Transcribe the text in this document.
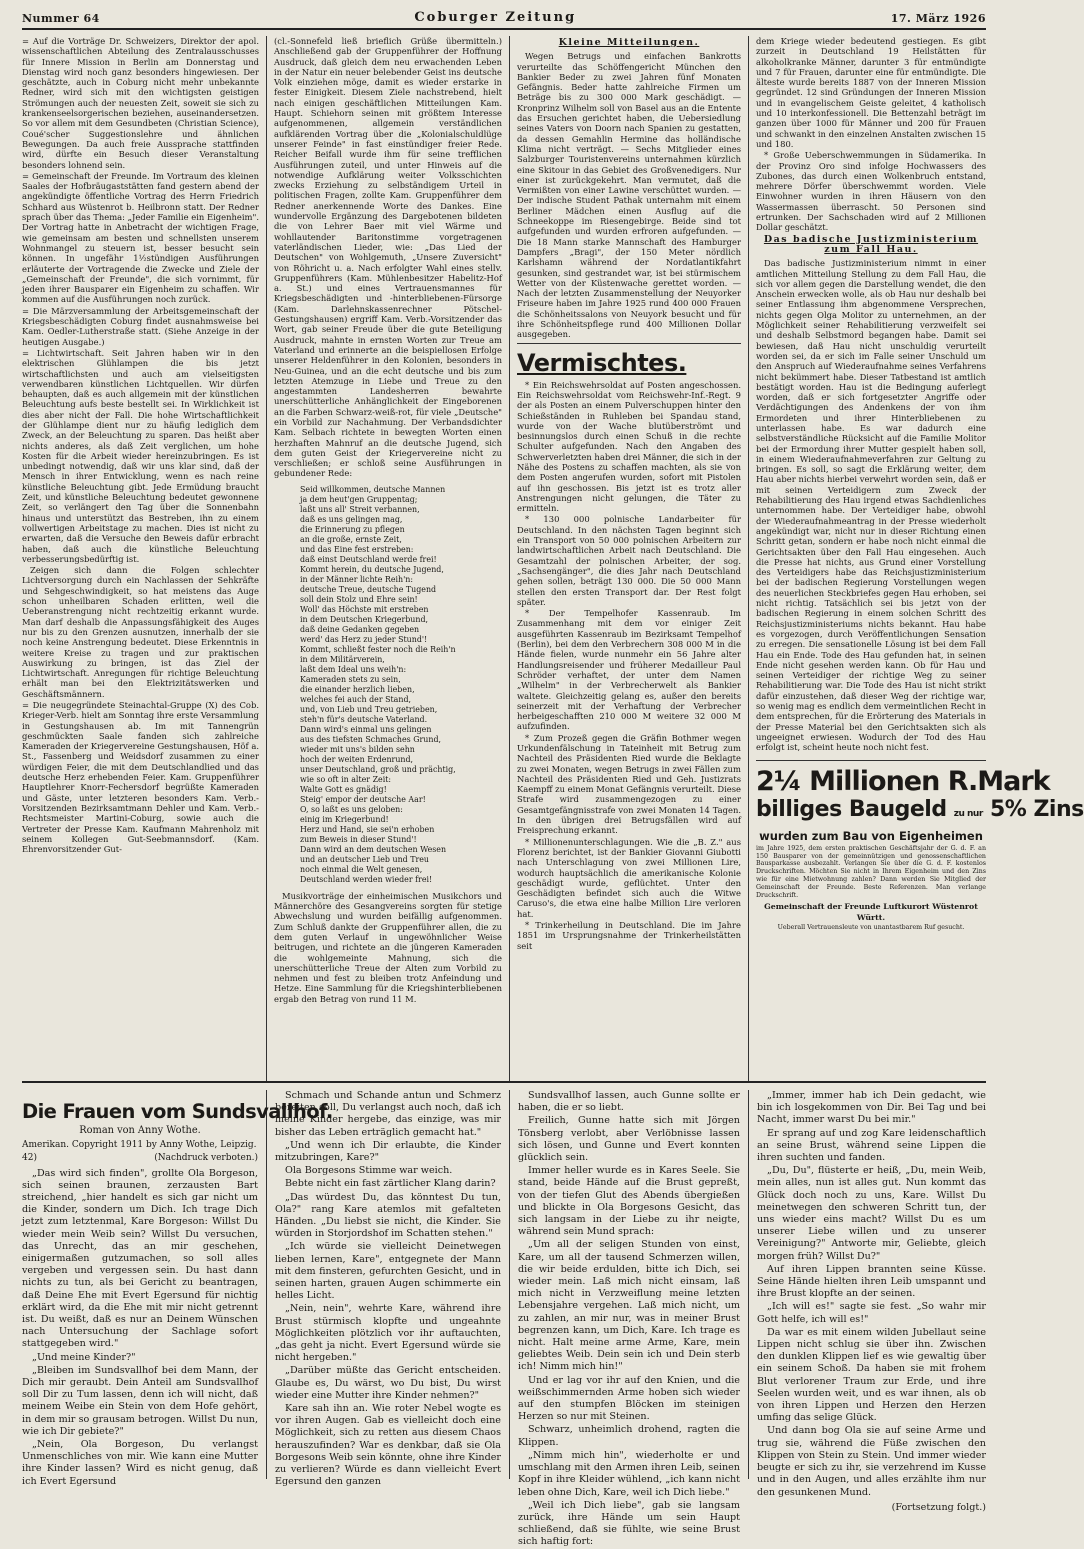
Nummer 64	Coburger Zeitung	17. März 1926

= Auf die Vorträge Dr. Schweizers, Direktor der apol. wissenschaftlichen Abteilung des Zentralausschusses für Innere Mission in Berlin am Donnerstag und Dienstag wird noch ganz besonders hingewiesen. Der geschätzte, auch in Coburg nicht mehr unbekannte Redner, wird sich mit den wichtigsten geistigen Strömungen auch der neuesten Zeit, soweit sie sich zu krankenseelsorgerischen beziehen, auseinandersetzen. So vor allem mit dem Gesundbeten (Christian Science), Coué'scher Suggestionslehre und ähnlichen Bewegungen. Da auch freie Aussprache stattfinden wird, dürfte ein Besuch dieser Veranstaltung besonders lohnend sein.

= Gemeinschaft der Freunde. Im Vortraum des kleinen Saales der Hofbräugaststätten fand gestern abend der angekündigte öffentliche Vortrag des Herrn Friedrich Schhard aus Wüstenrot b. Heilbronn statt. Der Redner sprach über das Thema: „Jeder Familie ein Eigenheim". Der Vortrag hatte in Anbetracht der wichtigen Frage, wie gemeinsam am besten und schnellsten unserem Wohnmangel zu steuern ist, besser besucht sein können. In ungefähr 1½stündigen Ausführungen erläuterte der Vortragende die Zwecke und Ziele der „Gemeinschaft der Freunde", die sich vornimmt, für jeden ihrer Bausparer ein Eigenheim zu schaffen. Wir kommen auf die Ausführungen noch zurück.

= Die Märzversammlung der Arbeitsgemeinschaft der Kriegsbeschädigten Coburg findet ausnahmsweise bei Kam. Oedler-Lutherstraße statt. (Siehe Anzeige in der heutigen Ausgabe.)

= Lichtwirtschaft. Seit Jahren haben wir in den elektrischen Glühlampen die bis jetzt wirtschaftlichsten und auch am vielseitigsten verwendbaren künstlichen Lichtquellen. Wir dürfen behaupten, daß es auch allgemein mit der künstlichen Beleuchtung aufs beste bestellt sei. In Wirklichkeit ist dies aber nicht der Fall. Die hohe Wirtschaftlichkeit der Glühlampe dient nur zu häufig lediglich dem Zweck, an der Beleuchtung zu sparen. Das heißt aber nichts anderes, als daß Zeit verglichen, um hohe Kosten für die Arbeit wieder hereinzubringen. Es ist unbedingt notwendig, daß wir uns klar sind, daß der Mensch in ihrer Entwicklung, wenn es nach reine künstliche Beleuchtung gibt. Jede Ermüdung braucht Zeit, und künstliche Beleuchtung bedeutet gewonnene Zeit, so verlängert den Tag über die Sonnenbahn hinaus und unterstützt das Bestreben, ihn zu einem vollwertigen Arbeitstage zu machen. Dies ist nicht zu erwarten, daß die Versuche den Beweis dafür erbracht haben, daß auch die künstliche Beleuchtung verbesserungsbedürftig ist.

Zeigen sich dann die Folgen schlechter Lichtversorgung durch ein Nachlassen der Sehkräfte und Sehgeschwindigkeit, so hat meistens das Auge schon unheilbaren Schaden erlitten, weil die Ueberanstrengung nicht rechtzeitig erkannt wurde. Man darf deshalb die Anpassungsfähigkeit des Auges nur bis zu den Grenzen ausnutzen, innerhalb der sie noch keine Anstrengung bedeutet. Diese Erkenntnis in weitere Kreise zu tragen und zur praktischen Auswirkung zu bringen, ist das Ziel der Lichtwirtschaft. Anregungen für richtige Beleuchtung erhält man bei den Elektrizitätswerken und Geschäftsmännern.

= Die neugegründete Steinachtal-Gruppe (X) des Cob. Krieger-Verb. hielt am Sonntag ihre erste Versammlung in Gestungshausen ab. Im mit Tannengrün geschmückten Saale fanden sich zahlreiche Kameraden der Kriegervereine Gestungshausen, Höf a. St., Fassenberg und Weidsdorf zusammen zu einer würdigen Feier, die mit dem Deutschlandlied und das deutsche Herz erhebenden Feier. Kam. Gruppenführer Hauptlehrer Knorr-Fechersdorf begrüßte Kameraden und Gäste, unter letzteren besonders Kam. Verb.-Vorsitzenden Bezirksamtmann Dehler und Kam. Verb.-Rechtsmeister Martini-Coburg, sowie auch die Vertreter der Presse Kam. Kaufmann Mahrenholz mit seinem Kollegen Gut-Seebmannsdorf. (Kam. Ehrenvorsitzender Gut-

(cl.-Sonnefeld ließ brieflich Grüße übermitteln.) Anschließend gab der Gruppenführer der Hoffnung Ausdruck, daß gleich dem neu erwachenden Leben in der Natur ein neuer belebender Geist ins deutsche Volk einziehen möge, damit es wieder erstarke in fester Einigkeit. Diesem Ziele nachstrebend, hielt nach einigen geschäftlichen Mitteilungen Kam. Haupt. Schiehorn seinen mit größtem Interesse aufgenommenen, allgemein verständlichen aufklärenden Vortrag über die „Kolonialschuldlüge unserer Feinde" in fast einstündiger freier Rede. Reicher Beifall wurde ihm für seine trefflichen Ausführungen zuteil, und unter Hinweis auf die notwendige Aufklärung weiter Volksschichten zwecks Erziehung zu selbständigem Urteil in politischen Fragen, zollte Kam. Gruppenführer dem Redner anerkennende Worte des Dankes. Eine wundervolle Ergänzung des Dargebotenen bildeten die von Lehrer Baer mit viel Wärme und wohllautender Baritonstimme vorgetragenen vaterländischen Lieder, wie: „Das Lied der Deutschen" von Wohlgemuth, „Unsere Zuversicht" von Röhricht u. a. Nach erfolgter Wahl eines stellv. Gruppenführers (Kam. Mühlenbesitzer Habelitz-Hof a. St.) und eines Vertrauensmannes für Kriegsbeschädigten und -hinterbliebenen-Fürsorge (Kam. Darlehnskassenrechner Pötschel-Gestungshausen) ergriff Kam. Verb.-Vorsitzender das Wort, gab seiner Freude über die gute Beteiligung Ausdruck, mahnte in ernsten Worten zur Treue am Vaterland und erinnerte an die beispiellosen Erfolge unserer Heldenführer in den Kolonien, besonders in Neu-Guinea, und an die echt deutsche und bis zum letzten Atemzuge in Liebe und Treue zu den angestammten Landesherren bewahrte unerschütterliche Anhänglichkeit der Eingeborenen an die Farben Schwarz-weiß-rot, für viele „Deutsche" ein Vorbild zur Nachahmung. Der Verbandsdichter Kam. Selbach richtete in bewegten Worten einen herzhaften Mahnruf an die deutsche Jugend, sich dem guten Geist der Kriegervereine nicht zu verschließen; er schloß seine Ausführungen in gebundener Rede:

Seid willkommen, deutsche Mannen
ja dem heut'gen Gruppentag;
laßt uns all' Streit verbannen,
daß es uns gelingen mag,
die Erinnerung zu pflegen
an die große, ernste Zeit,
und das Eine fest erstreben:
daß einst Deutschland werde frei!
Kommt herein, du deutsche Jugend,
in der Männer lichte Reih'n:
deutsche Treue, deutsche Tugend
soll dein Stolz und Ehre sein!
Woll' das Höchste mit erstreben
in dem Deutschen Kriegerbund,
daß deine Gedanken gegeben
werd' das Herz zu jeder Stund'!
Kommt, schließt fester noch die Reih'n
in dem Militärverein,
laßt dem Ideal uns weih'n:
Kameraden stets zu sein,
die einander herzlich lieben,
welches fei auch der Stand,
und, von Lieb und Treu getrieben,
steh'n für's deutsche Vaterland.
Dann wird's einmal uns gelingen
aus des tiefsten Schmaches Grund,
wieder mit uns's bilden sehn
hoch der weiten Erdenrund,
unser Deutschland, groß und prächtig,
wie so oft in alter Zeit:
Walte Gott es gnädig!
Steig' empor der deutsche Aar!
O, so laßt es uns geloben:
einig im Kriegerbund!
Herz und Hand, sie sei'n erhoben
zum Beweis in dieser Stund'!
Dann wird an dem deutschen Wesen
und an deutscher Lieb und Treu
noch einmal die Welt genesen,
Deutschland werden wieder frei!

Musikvorträge der einheimischen Musikchors und Männerchöre des Gesangvereins sorgten für stetige Abwechslung und wurden beifällig aufgenommen. Zum Schluß dankte der Gruppenführer allen, die zu dem guten Verlauf in ungewöhnlicher Weise beitrugen, und richtete an die jüngeren Kameraden die wohlgemeinte Mahnung, sich die unerschütterliche Treue der Alten zum Vorbild zu nehmen und fest zu bleiben trotz Anfeindung und Hetze. Eine Sammlung für die Kriegshinterbliebenen ergab den Betrag von rund 11 M.

Kleine Mitteilungen.

Wegen Betrugs und einfachen Bankrotts verurteilte das Schöffengericht München den Bankier Beder zu zwei Jahren fünf Monaten Gefängnis. Beder hatte zahlreiche Firmen um Beträge bis zu 300 000 Mark geschädigt. — Kronprinz Wilhelm soll von Basel aus an die Entente das Ersuchen gerichtet haben, die Uebersiedlung seines Vaters von Doorn nach Spanien zu gestatten, da dessen Gemahlin Hermine das holländische Klima nicht verträgt. — Sechs Mitglieder eines Salzburger Touristenvereins unternahmen kürzlich eine Skitour in das Gebiet des Großvenedigers. Nur einer ist zurückgekehrt. Man vermutet, daß die Vermißten von einer Lawine verschüttet wurden. — Der indische Student Pathak unternahm mit einem Berliner Mädchen einen Ausflug auf die Schneekoppe im Riesengebirge. Beide sind tot aufgefunden und wurden erfroren aufgefunden. — Die 18 Mann starke Mannschaft des Hamburger Dampfers „Bragi", der 150 Meter nördlich Karlshamn während der Nordatlantikfahrt gesunken, sind gestrandet war, ist bei stürmischem Wetter von der Küstenwache gerettet worden. — Nach der letzten Zusammenstellung der Neuyorker Friseure haben im Jahre 1925 rund 400 000 Frauen die Schönheitssalons von Neuyork besucht und für ihre Schönheitspflege rund 400 Millionen Dollar ausgegeben.

Vermischtes.

* Ein Reichswehrsoldat auf Posten angeschossen. Ein Reichswehrsoldat vom Reichswehr-Inf.-Regt. 9 der als Posten an einem Pulverschuppen hinter den Schießständen in Ruhleben bei Spandau stand, wurde von der Wache blutüberströmt und besinnungslos durch einen Schuß in die rechte Schulter aufgefunden. Nach den Angaben des Schwerverletzten haben drei Männer, die sich in der Nähe des Postens zu schaffen machten, als sie von dem Posten angerufen wurden, sofort mit Pistolen auf ihn geschossen. Bis jetzt ist es trotz aller Anstrengungen nicht gelungen, die Täter zu ermitteln.

* 130 000 polnische Landarbeiter für Deutschland. In den nächsten Tagen beginnt sich ein Transport von 50 000 polnischen Arbeitern zur landwirtschaftlichen Arbeit nach Deutschland. Die Gesamtzahl der polnischen Arbeiter, der sog. „Sachsengänger", die dies Jahr nach Deutschland gehen sollen, beträgt 130 000. Die 50 000 Mann stellen den ersten Transport dar. Der Rest folgt später.

* Der Tempelhofer Kassenraub. Im Zusammenhang mit dem vor einiger Zeit ausgeführten Kassenraub im Bezirksamt Tempelhof (Berlin), bei dem den Verbrechern 308 000 M in die Hände fielen, wurde nunmehr ein 56 Jahre alter Handlungsreisender und früherer Medailleur Paul Schröder verhaftet, der unter dem Namen „Wilhelm" in der Verbrecherwelt als Bankier waltete. Gleichzeitig gelang es, außer den bereits seinerzeit mit der Verhaftung der Verbrecher herbeigeschafften 210 000 M weitere 32 000 M aufzufinden.

* Zum Prozeß gegen die Gräfin Bothmer wegen Urkundenfälschung in Tateinheit mit Betrug zum Nachteil des Präsidenten Ried wurde die Beklagte zu zwei Monaten, wegen Betrugs in zwei Fällen zum Nachteil des Präsidenten Ried und Geh. Justizrats Kaempff zu einem Monat Gefängnis verurteilt. Diese Strafe wird zusammengezogen zu einer Gesamtgefängnisstrafe von zwei Monaten 14 Tagen. In den übrigen drei Betrugsfällen wird auf Freisprechung erkannt.

* Millionenunterschlagungen. Wie die „B. Z." aus Florenz berichtet, ist der Bankier Giovanni Giubotti nach Unterschlagung von zwei Millionen Lire, wodurch hauptsächlich die amerikanische Kolonie geschädigt wurde, geflüchtet. Unter den Geschädigten befindet sich auch die Witwe Caruso's, die etwa eine halbe Million Lire verloren hat.

* Trinkerheilung in Deutschland. Die im Jahre 1851 im Ursprungsnahme der Trinkerheilstätten seit

dem Kriege wieder bedeutend gestiegen. Es gibt zurzeit in Deutschland 19 Heilstätten für alkoholkranke Männer, darunter 3 für entmündigte und 7 für Frauen, darunter eine für entmündigte. Die älteste wurde bereits 1887 von der Inneren Mission gegründet. 12 sind Gründungen der Inneren Mission und in evangelischem Geiste geleitet, 4 katholisch und 10 interkonfessionell. Die Bettenzahl beträgt im ganzen über 1000 für Männer und 200 für Frauen und schwankt in den einzelnen Anstalten zwischen 15 und 180.

* Große Ueberschwemmungen in Südamerika. In der Provinz Oro sind infolge Hochwassers des Zubones, das durch einen Wolkenbruch entstand, mehrere Dörfer überschwemmt worden. Viele Einwohner wurden in ihren Häusern von den Wassermassen überrascht. 50 Personen sind ertrunken. Der Sachschaden wird auf 2 Millionen Dollar geschätzt.

Das badische Justizministerium zum Fall Hau.

Das badische Justizministerium nimmt in einer amtlichen Mitteilung Stellung zu dem Fall Hau, die sich vor allem gegen die Darstellung wendet, die den Anschein erwecken wolle, als ob Hau nur deshalb bei seiner Entlassung ihm abgenommene Versprechen, nichts gegen Olga Molitor zu unternehmen, an der Möglichkeit seiner Rehabilitierung verzweifelt sei und deshalb Selbstmord begangen habe. Damit sei bewiesen, daß Hau nicht unschuldig verurteilt worden sei, da er sich im Falle seiner Unschuld um den Anspruch auf Wiederaufnahme seines Verfahrens nicht bekümmert habe. Dieser Tatbestand ist amtlich bestätigt worden. Hau ist die Bedingung auferlegt worden, daß er sich fortgesetzter Angriffe oder Verdächtigungen des Andenkens der von ihm Ermordeten und ihrer Hinterbliebenen zu unterlassen habe. Es war dadurch eine selbstverständliche Rücksicht auf die Familie Molitor bei der Ermordung ihrer Mutter gespielt haben soll, in einem Wiederaufnahmeverfahren zur Geltung zu bringen. Es soll, so sagt die Erklärung weiter, dem Hau aber nichts hierbei verwehrt worden sein, daß er mit seinen Verteidigern zum Zweck der Rehabilitierung des Hau irgend etwas Sachdienliches unternommen habe. Der Verteidiger habe, obwohl der Wiederaufnahmeantrag in der Presse wiederholt angekündigt war, nicht nur in dieser Richtung einen Schritt getan, sondern er habe noch nicht einmal die Gerichtsakten über den Fall Hau eingesehen. Auch die Presse hat nichts, aus Grund einer Vorstellung des Verteidigers habe das Reichsjustizministerium bei der badischen Regierung Vorstellungen wegen des neuerlichen Steckbriefes gegen Hau erhoben, sei nicht richtig. Tatsächlich sei bis jetzt von der badischen Regierung in einem solchen Schritt des Reichsjustizministeriums nichts bekannt. Hau habe es vorgezogen, durch Veröffentlichungen Sensation zu erregen. Die sensationelle Lösung ist bei dem Fall Hau ein Ende. Tode des Hau gefunden hat, in seinen Ende nicht gesehen werden kann. Ob für Hau und seinen Verteidiger der richtige Weg zu seiner Rehabilitierung war. Die Tode des Hau ist nicht strikt dafür einzustehen, daß dieser Weg der richtige war, so wenig mag es endlich dem vermeintlichen Recht in dem entsprechen, für die Erörterung des Materials in der Presse Material bei den Gerichtsakten sich als ungeeignet erwiesen. Wodurch der Tod des Hau erfolgt ist, scheint heute noch nicht fest.

2¼ Millionen R.Mark
billiges Baugeld zu nur 5% Zins
wurden zum Bau von Eigenheimen
im Jahre 1925, dem ersten praktischen Geschäftsjahr der G. d. F. an 150 Bausparer von der gemeinnützigen und genossenschaftlichen Bausparkasse ausbezahlt. Verlangen Sie über die G. d. F. kostenlos Druckschriften. Möchten Sie nicht in Ihrem Eigenheim und den Zins wie für eine Mietwohnung zahlen? Dann werden Sie Mitglied der Gemeinschaft der Freunde. Beste Referenzen. Man verlange Druckschrift.
Gemeinschaft der Freunde Luftkurort Wüstenrot Württ.
Ueberall Vertrauensleute von unantastbarem Ruf gesucht.
Die Frauen vom Sundsvallhof.
Roman von Anny Wothe.
Amerikan. Copyright 1911 by Anny Wothe, Leipzig.
42)	(Nachdruck verboten.)

„Das wird sich finden", grollte Ola Borgeson, sich seinen braunen, zerzausten Bart streichend, „hier handelt es sich gar nicht um die Kinder, sondern um Dich. Ich trage Dich jetzt zum letztenmal, Kare Borgeson: Willst Du wieder mein Weib sein? Willst Du versuchen, das Unrecht, das an mir geschehen, einigermaßen gutzumachen, so soll alles vergeben und vergessen sein. Du hast dann nichts zu tun, als bei Gericht zu beantragen, daß Deine Ehe mit Evert Egersund für nichtig erklärt wird, da die Ehe mit mir nicht getrennt ist. Du weißt, daß es nur an Deinem Wünschen nach Untersuchung der Sachlage sofort stattgegeben wird."

„Und meine Kinder?"

„Bleiben im Sundsvallhof bei dem Mann, der Dich mir geraubt. Dein Anteil am Sundsvallhof soll Dir zu Tum lassen, denn ich will nicht, daß meinem Weibe ein Stein von dem Hofe gehört, in dem mir so grausam betrogen. Willst Du nun, wie ich Dir gebiete?"

„Nein, Ola Borgeson, Du verlangst Unmenschliches von mir. Wie kann eine Mutter ihre Kinder lassen? Wird es nicht genug, daß ich Evert Egersund

Schmach und Schande antun und Schmerz bereiten soll, Du verlangst auch noch, daß ich meine Kinder hergebe, das einzige, was mir bisher das Leben erträglich gemacht hat."

„Und wenn ich Dir erlaubte, die Kinder mitzubringen, Kare?"

Ola Borgesons Stimme war weich.

Bebte nicht ein fast zärtlicher Klang darin?

„Das würdest Du, das könntest Du tun, Ola?" rang Kare atemlos mit gefalteten Händen. „Du liebst sie nicht, die Kinder. Sie würden in Storjordshof im Schatten stehen."

„Ich würde sie vielleicht Deinetwegen lieben lernen, Kare", entgegnete der Mann mit dem finsteren, gefurchten Gesicht, und in seinen harten, grauen Augen schimmerte ein helles Licht.

„Nein, nein", wehrte Kare, während ihre Brust stürmisch klopfte und ungeahnte Möglichkeiten plötzlich vor ihr auftauchten, „das geht ja nicht. Evert Egersund würde sie nicht hergeben."

„Darüber müßte das Gericht entscheiden. Glaube es, Du wärst, wo Du bist, Du wirst wieder eine Mutter ihre Kinder nehmen?"

Kare sah ihn an. Wie roter Nebel wogte es vor ihren Augen. Gab es vielleicht doch eine Möglichkeit, sich zu retten aus diesem Chaos herauszufinden? War es denkbar, daß sie Ola Borgesons Weib sein könnte, ohne ihre Kinder zu verlieren? Würde es dann vielleicht Evert Egersund den ganzen

Sundsvallhof lassen, auch Gunne sollte er haben, die er so liebt.

Freilich, Gunne hatte sich mit Jörgen Tönsberg verlobt, aber Verlöbnisse lassen sich lösen, und Gunne und Evert konnten glücklich sein.

Immer heller wurde es in Kares Seele. Sie stand, beide Hände auf die Brust gepreßt, von der tiefen Glut des Abends übergießen und blickte in Ola Borgesons Gesicht, das sich langsam in der Liebe zu ihr neigte, während sein Mund sprach:

„Um all der seligen Stunden von einst, Kare, um all der tausend Schmerzen willen, die wir beide erdulden, bitte ich Dich, sei wieder mein. Laß mich nicht einsam, laß mich nicht in Verzweiflung meine letzten Lebensjahre vergehen. Laß mich nicht, um zu zahlen, an mir nur, was in meiner Brust begrenzen kann, um Dich, Kare. Ich trage es nicht. Halt meine arme Arme, Kare, mein geliebtes Weib. Dein sein ich und Dein sterb ich! Nimm mich hin!"

Und er lag vor ihr auf den Knien, und die weißschimmernden Arme hoben sich wieder auf den stumpfen Blöcken im steinigen Herzen so nur mit Steinen.

Schwarz, unheimlich drohend, ragten die Klippen.

„Nimm mich hin", wiederholte er und umschlang mit den Armen ihren Leib, seinen Kopf in ihre Kleider wühlend, „ich kann nicht leben ohne Dich, Kare, weil ich Dich liebe."

„Weil ich Dich liebe", gab sie langsam zurück, ihre Hände um sein Haupt schließend, daß sie fühlte, wie seine Brust sich haftig fort:

„Immer, immer hab ich Dein gedacht, wie bin ich losgekommen von Dir. Bei Tag und bei Nacht, immer warst Du bei mir."

Er sprang auf und zog Kare leidenschaftlich an seine Brust, während seine Lippen die ihren suchten und fanden.

„Du, Du", flüsterte er heiß, „Du, mein Weib, mein alles, nun ist alles gut. Nun kommt das Glück doch noch zu uns, Kare. Willst Du meinetwegen den schweren Schritt tun, der uns wieder eins macht? Willst Du es um unserer Liebe willen und zu unserer Vereinigung?" Antworte mir, Geliebte, gleich morgen früh? Willst Du?"

Auf ihren Lippen brannten seine Küsse. Seine Hände hielten ihren Leib umspannt und ihre Brust klopfte an der seinen.

„Ich will es!" sagte sie fest. „So wahr mir Gott helfe, ich will es!"

Da war es mit einem wilden Jubellaut seine Lippen nicht schlug sie über ihn. Zwischen den dunklen Klippen lief es wie gewaltig über ein seinem Schoß. Da haben sie mit frohem Blut verlorener Traum zur Erde, und ihre Seelen wurden weit, und es war ihnen, als ob von ihren Lippen und Herzen den Herzen umfing das selige Glück.

Und dann bog Ola sie auf seine Arme und trug sie, während die Füße zwischen den Klippen von Stein zu Stein. Und immer wieder beugte er sich zu ihr, sie verzehrend im Kusse und in den Augen, und alles erzählte ihm nur den gesunkenen Mund.

(Fortsetzung folgt.)
